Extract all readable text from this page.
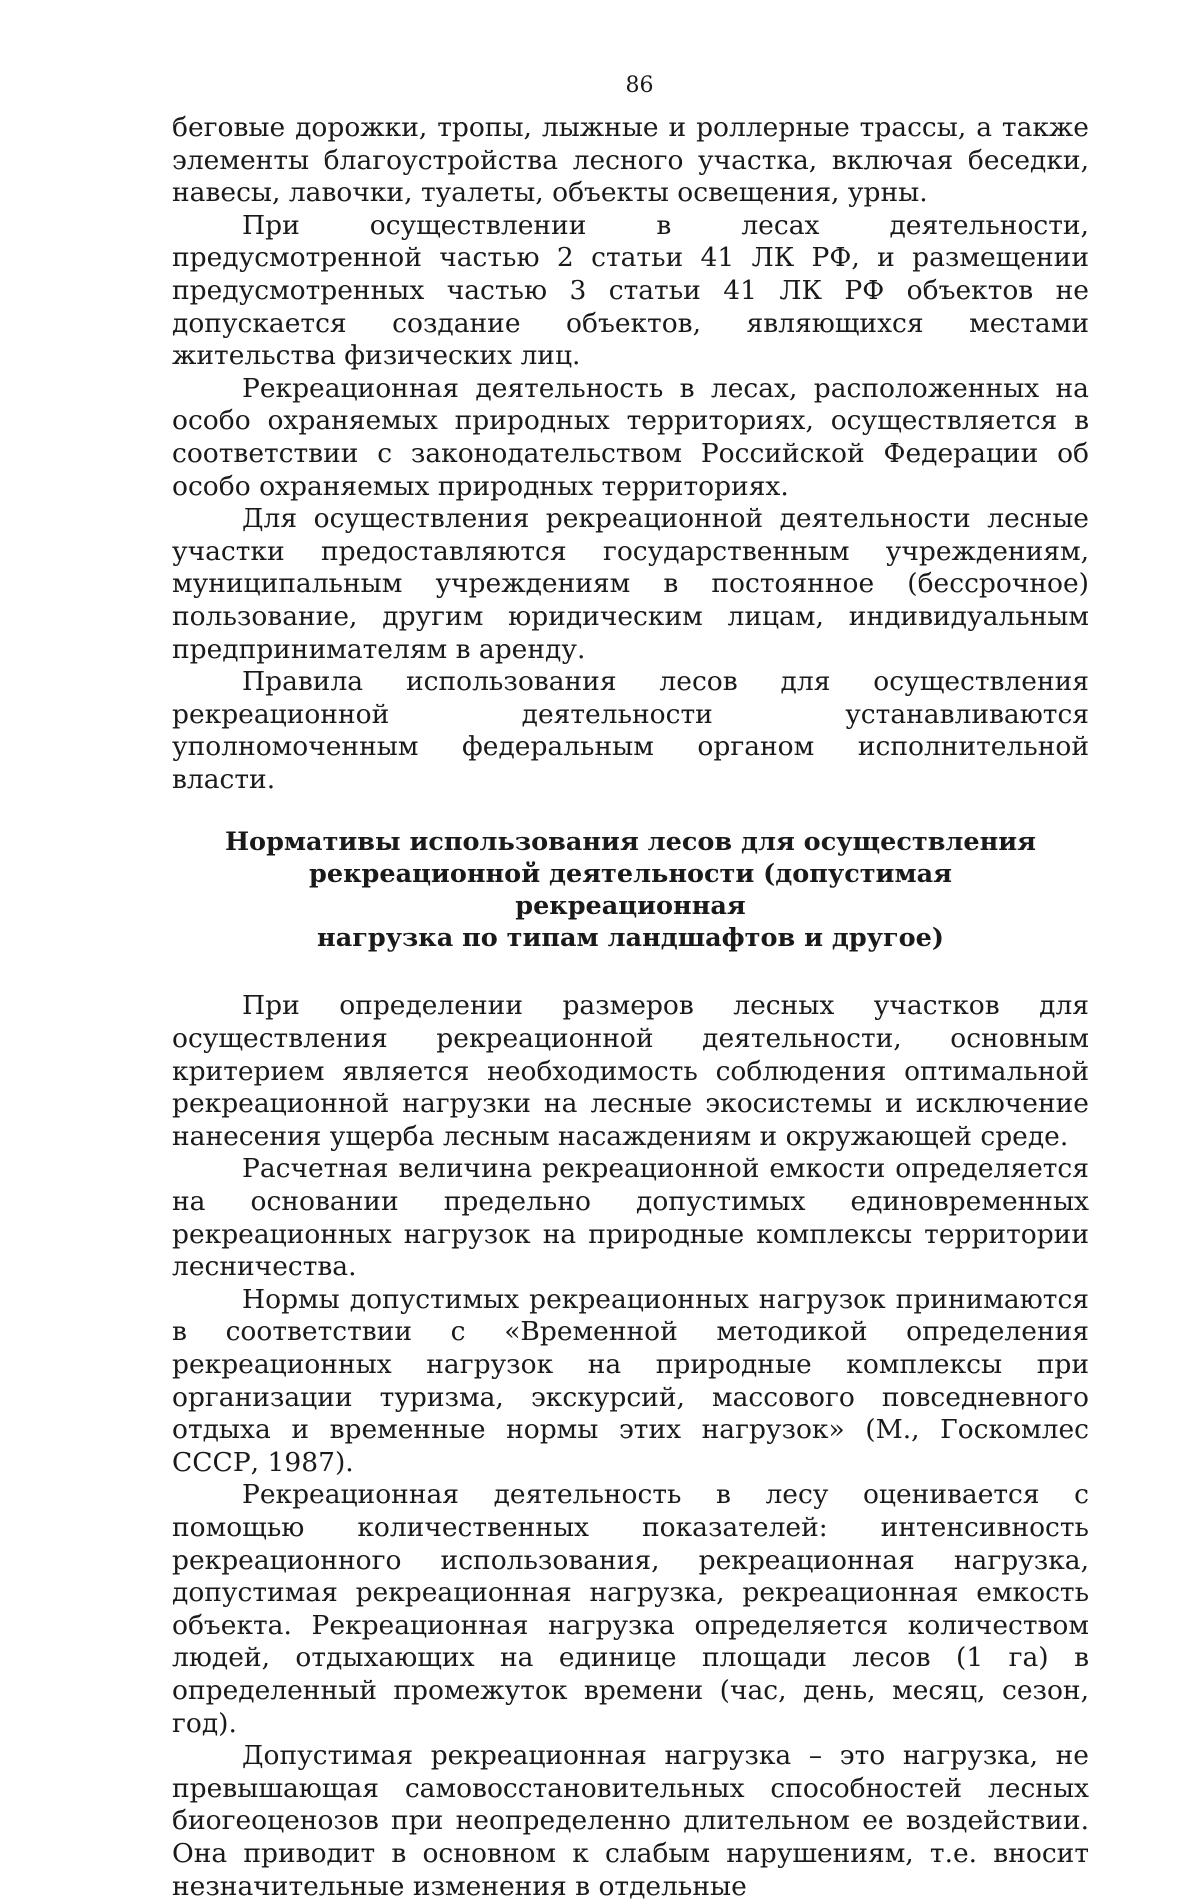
86

беговые дорожки, тропы, лыжные и роллерные трассы, а также элементы благоустройства лесного участка, включая беседки, навесы, лавочки, туалеты, объекты освещения, урны.

При осуществлении в лесах деятельности, предусмотренной частью 2 статьи 41 ЛК РФ, и размещении предусмотренных частью 3 статьи 41 ЛК РФ объектов не допускается создание объектов, являющихся местами жительства физических лиц.

Рекреационная деятельность в лесах, расположенных на особо охраняемых природных территориях, осуществляется в соответствии с законодательством Российской Федерации об особо охраняемых природных территориях.

Для осуществления рекреационной деятельности лесные участки предоставляются государственным учреждениям, муниципальным учреждениям в постоянное (бессрочное) пользование, другим юридическим лицам, индивидуальным предпринимателям в аренду.

Правила использования лесов для осуществления рекреационной деятельности устанавливаются уполномоченным федеральным органом исполнительной власти.

Нормативы использования лесов для осуществления
рекреационной деятельности (допустимая рекреационная
нагрузка по типам ландшафтов и другое)

При определении размеров лесных участков для осуществления рекреационной деятельности, основным критерием является необходимость соблюдения оптимальной рекреационной нагрузки на лесные экосистемы и исключение нанесения ущерба лесным насаждениям и окружающей среде.

Расчетная величина рекреационной емкости определяется на основании предельно допустимых единовременных рекреационных нагрузок на природные комплексы территории лесничества.

Нормы допустимых рекреационных нагрузок принимаются в соответствии с «Временной методикой определения рекреационных нагрузок на природные комплексы при организации туризма, экскурсий, массового повседневного отдыха и временные нормы этих нагрузок» (М., Госкомлес СССР, 1987).

Рекреационная деятельность в лесу оценивается с помощью количественных показателей: интенсивность рекреационного использования, рекреационная нагрузка, допустимая рекреационная нагрузка, рекреационная емкость объекта. Рекреационная нагрузка определяется количеством людей, отдыхающих на единице площади лесов (1 га) в определенный промежуток времени (час, день, месяц, сезон, год).

Допустимая рекреационная нагрузка – это нагрузка, не превышающая самовосстановительных способностей лесных биогеоценозов при неопределенно длительном ее воздействии. Она приводит в основном к слабым нарушениям, т.е. вносит незначительные изменения в отдельные
